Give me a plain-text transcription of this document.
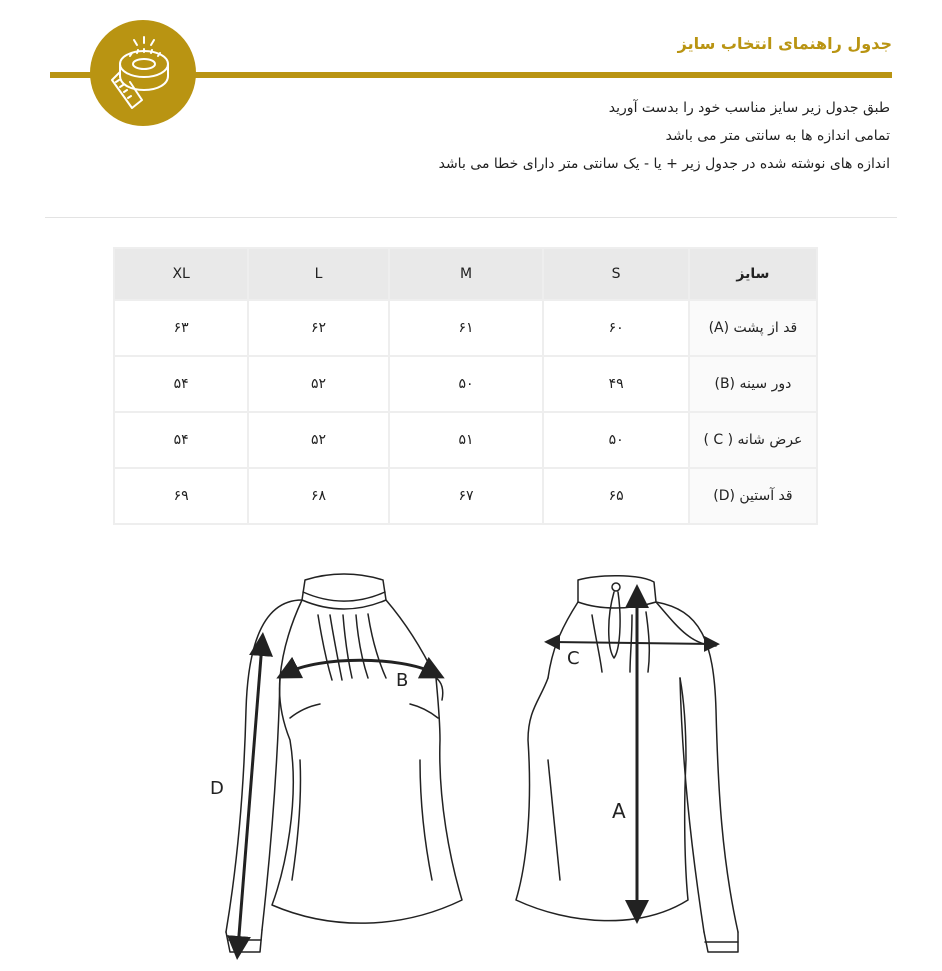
جدول راهنمای انتخاب سایز
طبق جدول زیر سایز مناسب خود را بدست آورید
تمامی اندازه ها به سانتی متر می باشد
اندازه های نوشته شده در جدول زیر + یا - یک سانتی متر دارای خطا می باشد
سایز	S	M	L	XL
قد از پشت (A)	۶۰	۶۱	۶۲	۶۳
دور سینه (B)	۴۹	۵۰	۵۲	۵۴
عرض شانه ( C )	۵۰	۵۱	۵۲	۵۴
قد آستین (D)	۶۵	۶۷	۶۸	۶۹
B
D
C
A
